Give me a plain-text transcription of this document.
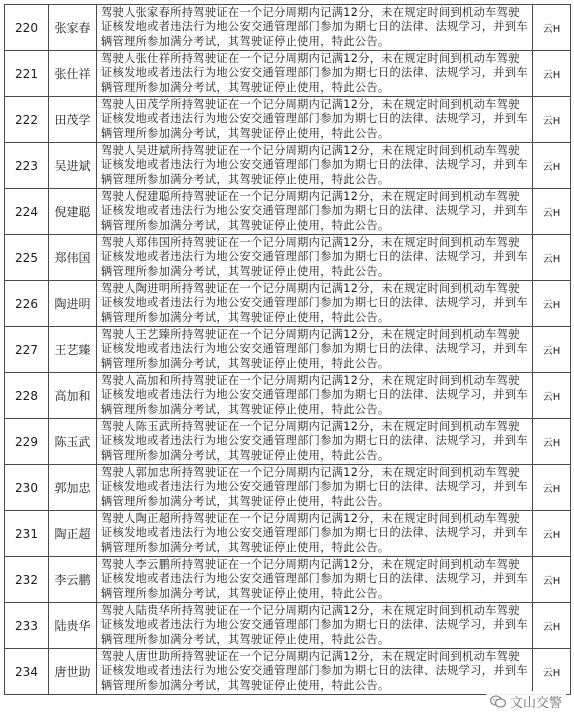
220	张家春	驾驶人张家春所持驾驶证在一个记分周期内记满12分，未在规定时间到机动车驾驶证核发地或者违法行为地公安交通管理部门参加为期七日的法律、法规学习，并到车辆管理所参加满分考试，其驾驶证停止使用，特此公告。	云H
221	张仕祥	驾驶人张仕祥所持驾驶证在一个记分周期内记满12分，未在规定时间到机动车驾驶证核发地或者违法行为地公安交通管理部门参加为期七日的法律、法规学习，并到车辆管理所参加满分考试，其驾驶证停止使用，特此公告。	云H
222	田茂学	驾驶人田茂学所持驾驶证在一个记分周期内记满12分，未在规定时间到机动车驾驶证核发地或者违法行为地公安交通管理部门参加为期七日的法律、法规学习，并到车辆管理所参加满分考试，其驾驶证停止使用，特此公告。	云H
223	吴进斌	驾驶人吴进斌所持驾驶证在一个记分周期内记满12分，未在规定时间到机动车驾驶证核发地或者违法行为地公安交通管理部门参加为期七日的法律、法规学习，并到车辆管理所参加满分考试，其驾驶证停止使用，特此公告。	云H
224	倪建聪	驾驶人倪建聪所持驾驶证在一个记分周期内记满12分，未在规定时间到机动车驾驶证核发地或者违法行为地公安交通管理部门参加为期七日的法律、法规学习，并到车辆管理所参加满分考试，其驾驶证停止使用，特此公告。	云H
225	郑伟国	驾驶人郑伟国所持驾驶证在一个记分周期内记满12分，未在规定时间到机动车驾驶证核发地或者违法行为地公安交通管理部门参加为期七日的法律、法规学习，并到车辆管理所参加满分考试，其驾驶证停止使用，特此公告。	云H
226	陶进明	驾驶人陶进明所持驾驶证在一个记分周期内记满12分，未在规定时间到机动车驾驶证核发地或者违法行为地公安交通管理部门参加为期七日的法律、法规学习，并到车辆管理所参加满分考试，其驾驶证停止使用，特此公告。	云H
227	王艺臻	驾驶人王艺臻所持驾驶证在一个记分周期内记满12分，未在规定时间到机动车驾驶证核发地或者违法行为地公安交通管理部门参加为期七日的法律、法规学习，并到车辆管理所参加满分考试，其驾驶证停止使用，特此公告。	云H
228	高加和	驾驶人高加和所持驾驶证在一个记分周期内记满12分，未在规定时间到机动车驾驶证核发地或者违法行为地公安交通管理部门参加为期七日的法律、法规学习，并到车辆管理所参加满分考试，其驾驶证停止使用，特此公告。	云H
229	陈玉武	驾驶人陈玉武所持驾驶证在一个记分周期内记满12分，未在规定时间到机动车驾驶证核发地或者违法行为地公安交通管理部门参加为期七日的法律、法规学习，并到车辆管理所参加满分考试，其驾驶证停止使用，特此公告。	云H
230	郭加忠	驾驶人郭加忠所持驾驶证在一个记分周期内记满12分，未在规定时间到机动车驾驶证核发地或者违法行为地公安交通管理部门参加为期七日的法律、法规学习，并到车辆管理所参加满分考试，其驾驶证停止使用，特此公告。	云H
231	陶正超	驾驶人陶正超所持驾驶证在一个记分周期内记满12分，未在规定时间到机动车驾驶证核发地或者违法行为地公安交通管理部门参加为期七日的法律、法规学习，并到车辆管理所参加满分考试，其驾驶证停止使用，特此公告。	云H
232	李云鹏	驾驶人李云鹏所持驾驶证在一个记分周期内记满12分，未在规定时间到机动车驾驶证核发地或者违法行为地公安交通管理部门参加为期七日的法律、法规学习，并到车辆管理所参加满分考试，其驾驶证停止使用，特此公告。	云H
233	陆贵华	驾驶人陆贵华所持驾驶证在一个记分周期内记满12分，未在规定时间到机动车驾驶证核发地或者违法行为地公安交通管理部门参加为期七日的法律、法规学习，并到车辆管理所参加满分考试，其驾驶证停止使用，特此公告。	云H
234	唐世助	驾驶人唐世助所持驾驶证在一个记分周期内记满12分，未在规定时间到机动车驾驶证核发地或者违法行为地公安交通管理部门参加为期七日的法律、法规学习，并到车辆管理所参加满分考试，其驾驶证停止使用，特此公告。	云H
文山交警
